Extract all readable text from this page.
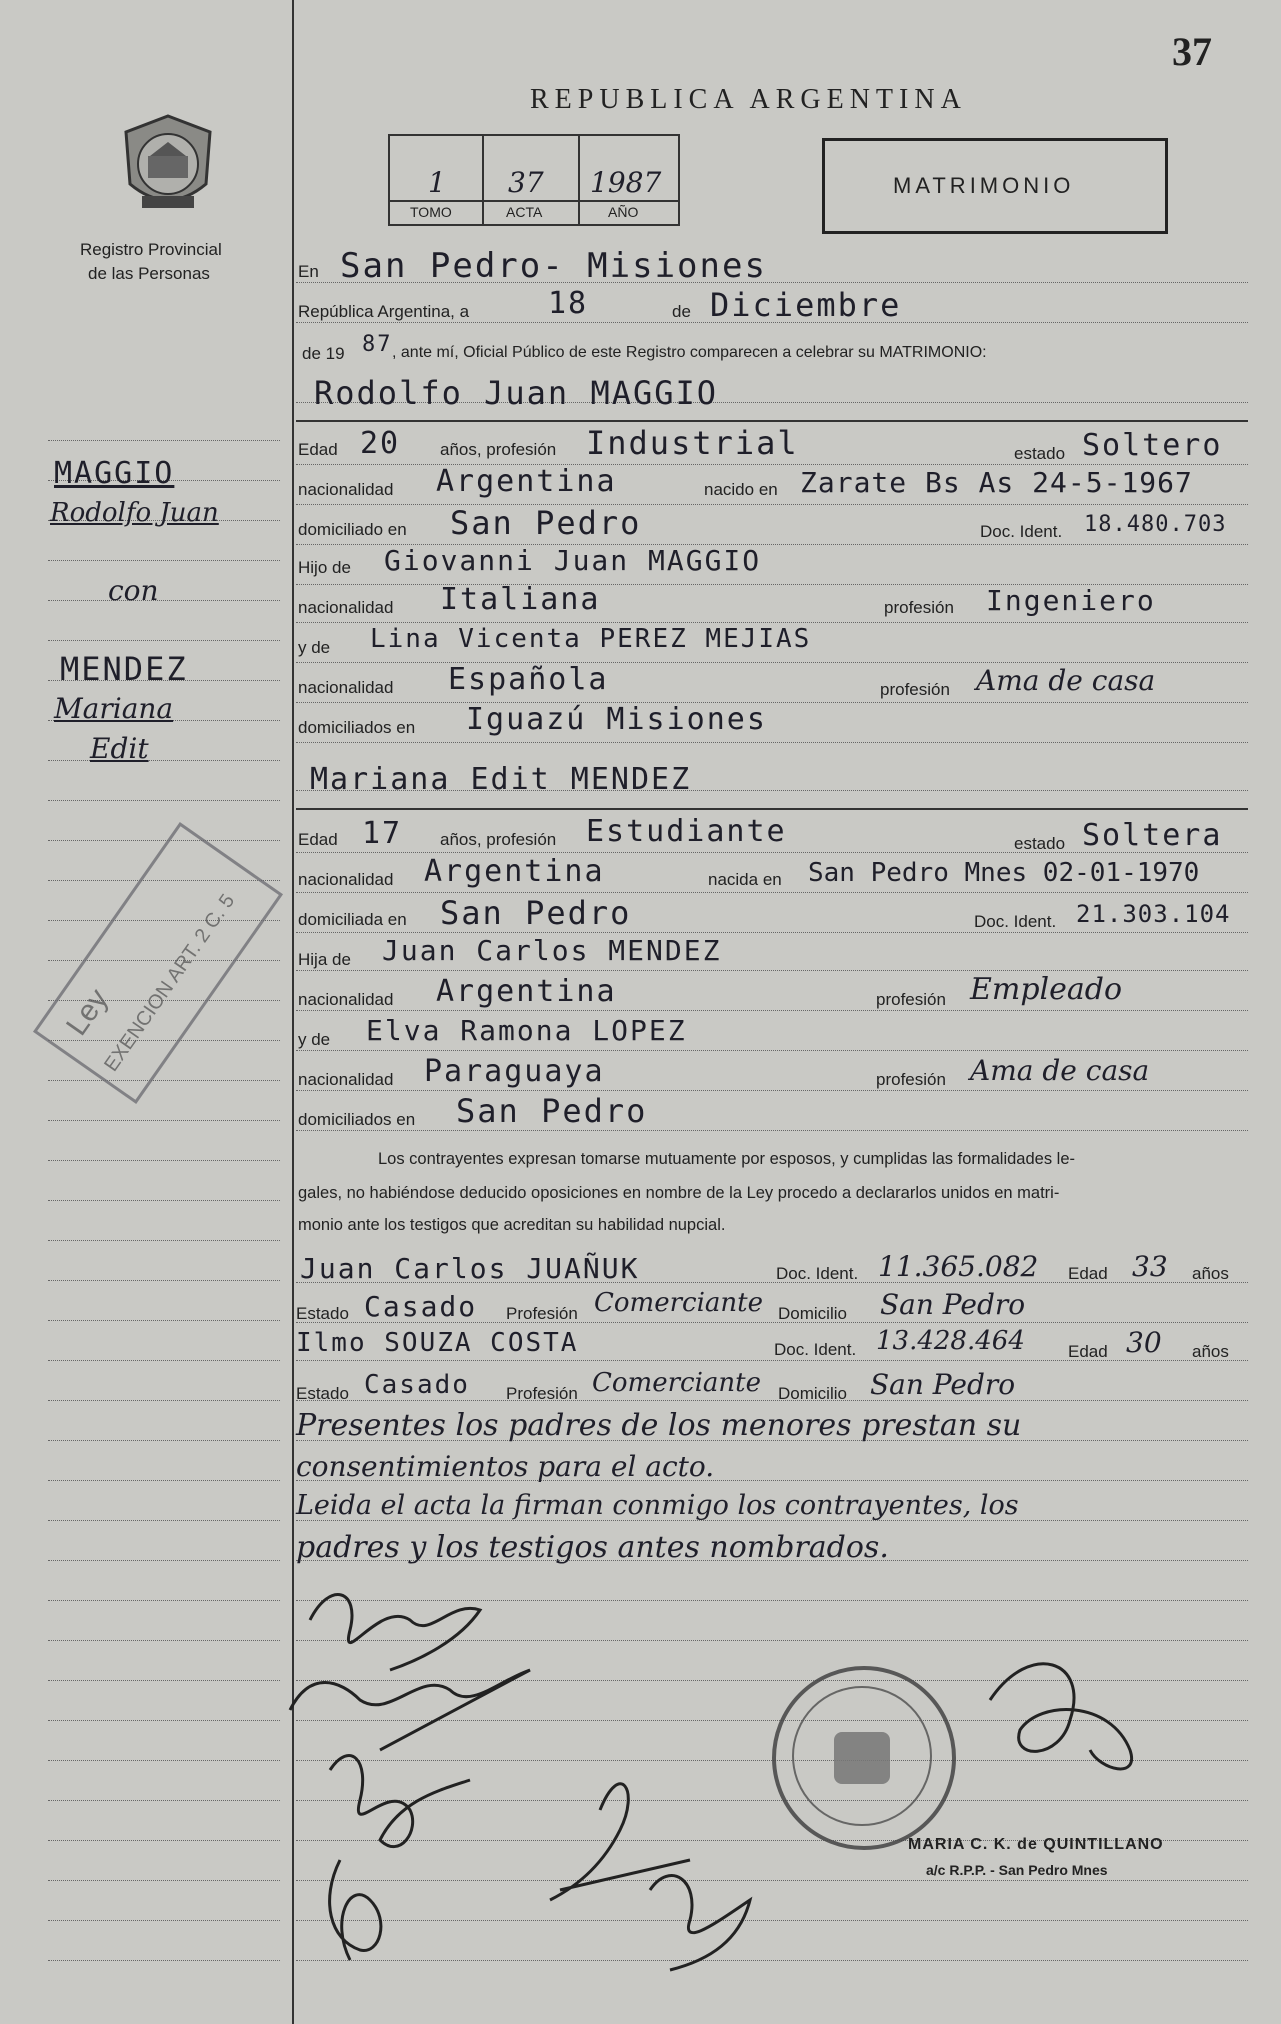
37
REPUBLICA ARGENTINA
Registro Provincial
de las Personas
1 37 1987
TOMO	ACTA	AÑO
MATRIMONIO
En San Pedro- Misiones
República Argentina, a	18	de Diciembre
de 19 87 , ante mí, Oficial Público de este Registro comparecen a celebrar su MATRIMONIO:
Rodolfo Juan MAGGIO
Edad 20 años, profesión Industrial	estado Soltero
nacionalidad Argentina	nacido en Zarate Bs As 24-5-1967
domiciliado en San Pedro	Doc. Ident. 18.480.703
Hijo de Giovanni Juan MAGGIO
nacionalidad Italiana	profesión Ingeniero
y de Lina Vicenta PEREZ MEJIAS
nacionalidad Española	profesión Ama de casa
domiciliados en Iguazú Misiones
Mariana Edit MENDEZ
Edad 17 años, profesión Estudiante	estado Soltera
nacionalidad Argentina	nacida en San Pedro Mnes 02-01-1970
domiciliada en San Pedro	Doc. Ident. 21.303.104
Hija de Juan Carlos MENDEZ
nacionalidad Argentina	profesión Empleado
y de Elva Ramona LOPEZ
nacionalidad Paraguaya	profesión Ama de casa
domiciliados en San Pedro
Los contrayentes expresan tomarse mutuamente por esposos, y cumplidas las formalidades le-
gales, no habiéndose deducido oposiciones en nombre de la Ley procedo a declararlos unidos en matri-
monio ante los testigos que acreditan su habilidad nupcial.
Juan Carlos JUAÑUK	Doc. Ident. 11.365.082 Edad 33 años
Estado Casado Profesión Comerciante Domicilio San Pedro
Ilmo SOUZA COSTA	Doc. Ident. 13.428.464	Edad 30 años
Estado Casado Profesión Comerciante Domicilio San Pedro
Presentes los padres de los menores prestan su
consentimientos para el acto.
Leida el acta la firman conmigo los contrayentes, los
padres y los testigos antes nombrados.
MAGGIO
Rodolfo Juan
con
MENDEZ
Mariana
Edit
Ley
EXENCION ART. 2 C. 5
MARIA C. K. de QUINTILLANO
a/c R.P.P. - San Pedro Mnes
